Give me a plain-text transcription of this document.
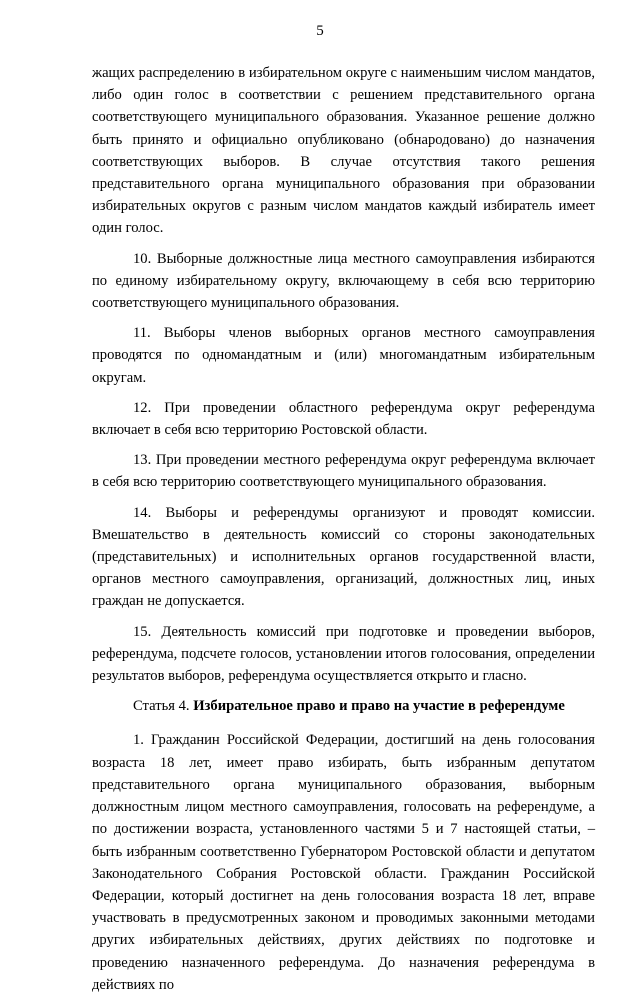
5

жащих распределению в избирательном округе с наименьшим числом мандатов, либо один голос в соответствии с решением представительного органа соответствующего муниципального образования. Указанное решение должно быть принято и официально опубликовано (обнародовано) до назначения соответствующих выборов. В случае отсутствия такого решения представительного органа муниципального образования при образовании избирательных округов с разным числом мандатов каждый избиратель имеет один голос.

10. Выборные должностные лица местного самоуправления избираются по единому избирательному округу, включающему в себя всю территорию соответствующего муниципального образования.

11. Выборы членов выборных органов местного самоуправления проводятся по одномандатным и (или) многомандатным избирательным округам.

12. При проведении областного референдума округ референдума включает в себя всю территорию Ростовской области.

13. При проведении местного референдума округ референдума включает в себя всю территорию соответствующего муниципального образования.

14. Выборы и референдумы организуют и проводят комиссии. Вмешательство в деятельность комиссий со стороны законодательных (представительных) и исполнительных органов государственной власти, органов местного самоуправления, организаций, должностных лиц, иных граждан не допускается.

15. Деятельность комиссий при подготовке и проведении выборов, референдума, подсчете голосов, установлении итогов голосования, определении результатов выборов, референдума осуществляется открыто и гласно.

Статья 4. Избирательное право и право на участие в референдуме

1. Гражданин Российской Федерации, достигший на день голосования возраста 18 лет, имеет право избирать, быть избранным депутатом представительного органа муниципального образования, выборным должностным лицом местного самоуправления, голосовать на референдуме, а по достижении возраста, установленного частями 5 и 7 настоящей статьи, – быть избранным соответственно Губернатором Ростовской области и депутатом Законодательного Собрания Ростовской области. Гражданин Российской Федерации, который достигнет на день голосования возраста 18 лет, вправе участвовать в предусмотренных законом и проводимых законными методами других избирательных действиях, других действиях по подготовке и проведению назначенного референдума. До назначения референдума в действиях по
